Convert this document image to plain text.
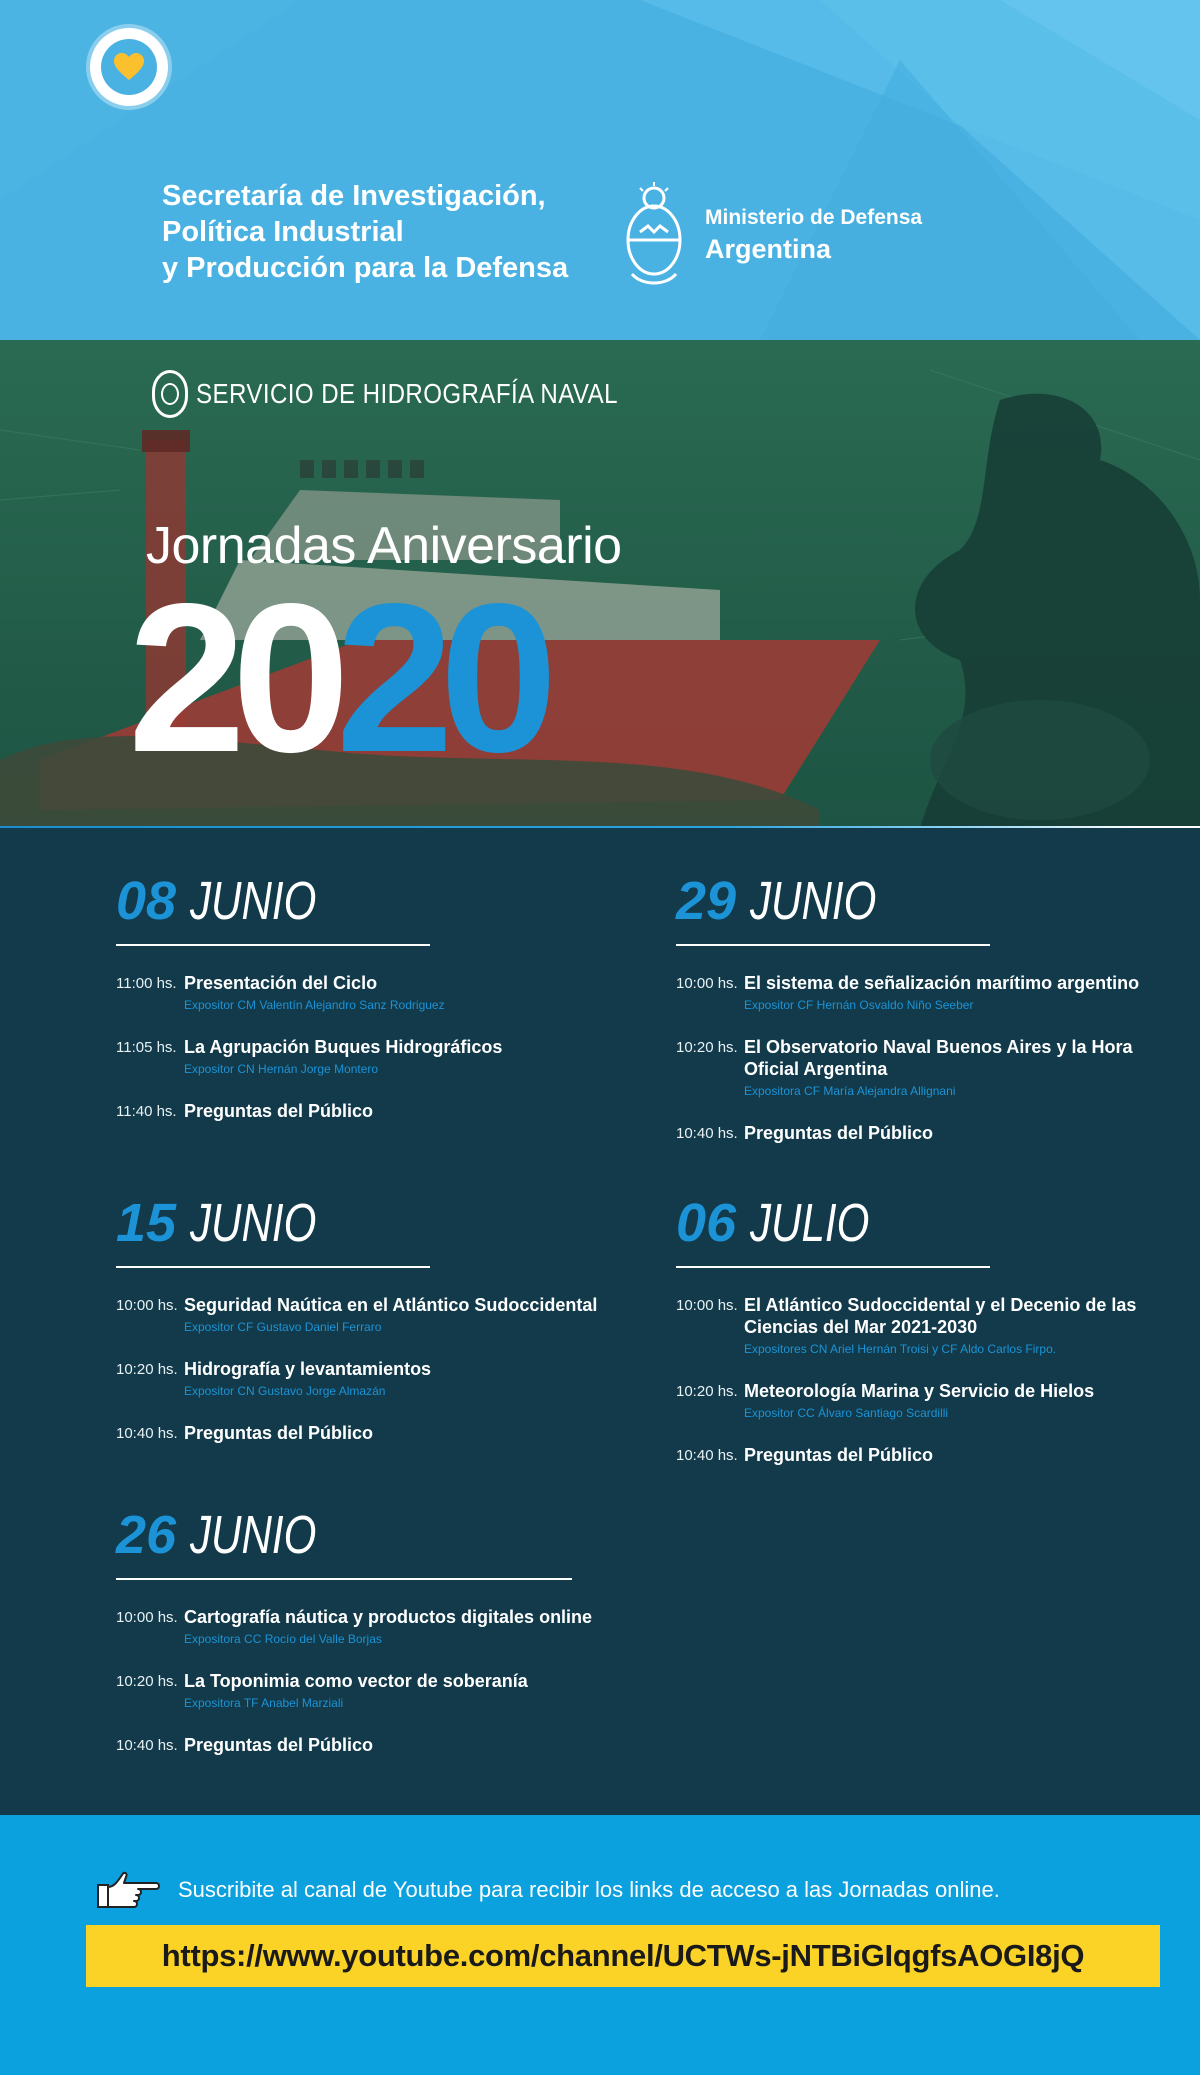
Secretaría de Investigación,
Política Industrial
y Producción para la Defensa
Ministerio de Defensa
Argentina
SERVICIO DE HIDROGRAFÍA NAVAL
Jornadas Aniversario
2020
08 JUNIO
11:00 hs. Presentación del Ciclo
Expositor CM Valentín Alejandro Sanz Rodriguez
11:05 hs. La Agrupación Buques Hidrográficos
Expositor CN Hernán Jorge Montero
11:40 hs. Preguntas del Público
15 JUNIO
10:00 hs. Seguridad Naútica en el Atlántico Sudoccidental
Expositor CF Gustavo Daniel Ferraro
10:20 hs. Hidrografía y levantamientos
Expositor CN Gustavo Jorge Almazán
10:40 hs. Preguntas del Público
26 JUNIO
10:00 hs. Cartografía náutica y productos digitales online
Expositora CC Rocío del Valle Borjas
10:20 hs. La Toponimia como vector de soberanía
Expositora TF Anabel Marziali
10:40 hs. Preguntas del Público
29 JUNIO
10:00 hs. El sistema de señalización marítimo argentino
Expositor CF Hernán Osvaldo Niño Seeber
10:20 hs. El Observatorio Naval Buenos Aires y la Hora Oficial Argentina
Expositora CF María Alejandra Allignani
10:40 hs. Preguntas del Público
06 JULIO
10:00 hs. El Atlántico Sudoccidental y el Decenio de las Ciencias del Mar 2021-2030
Expositores CN Ariel Hernán Troisi y CF Aldo Carlos Firpo.
10:20 hs. Meteorología Marina y Servicio de Hielos
Expositor CC Álvaro Santiago Scardilli
10:40 hs. Preguntas del Público
Suscribite al canal de Youtube para recibir los links de acceso a las Jornadas online.
https://www.youtube.com/channel/UCTWs-jNTBiGIqgfsAOGI8jQ
